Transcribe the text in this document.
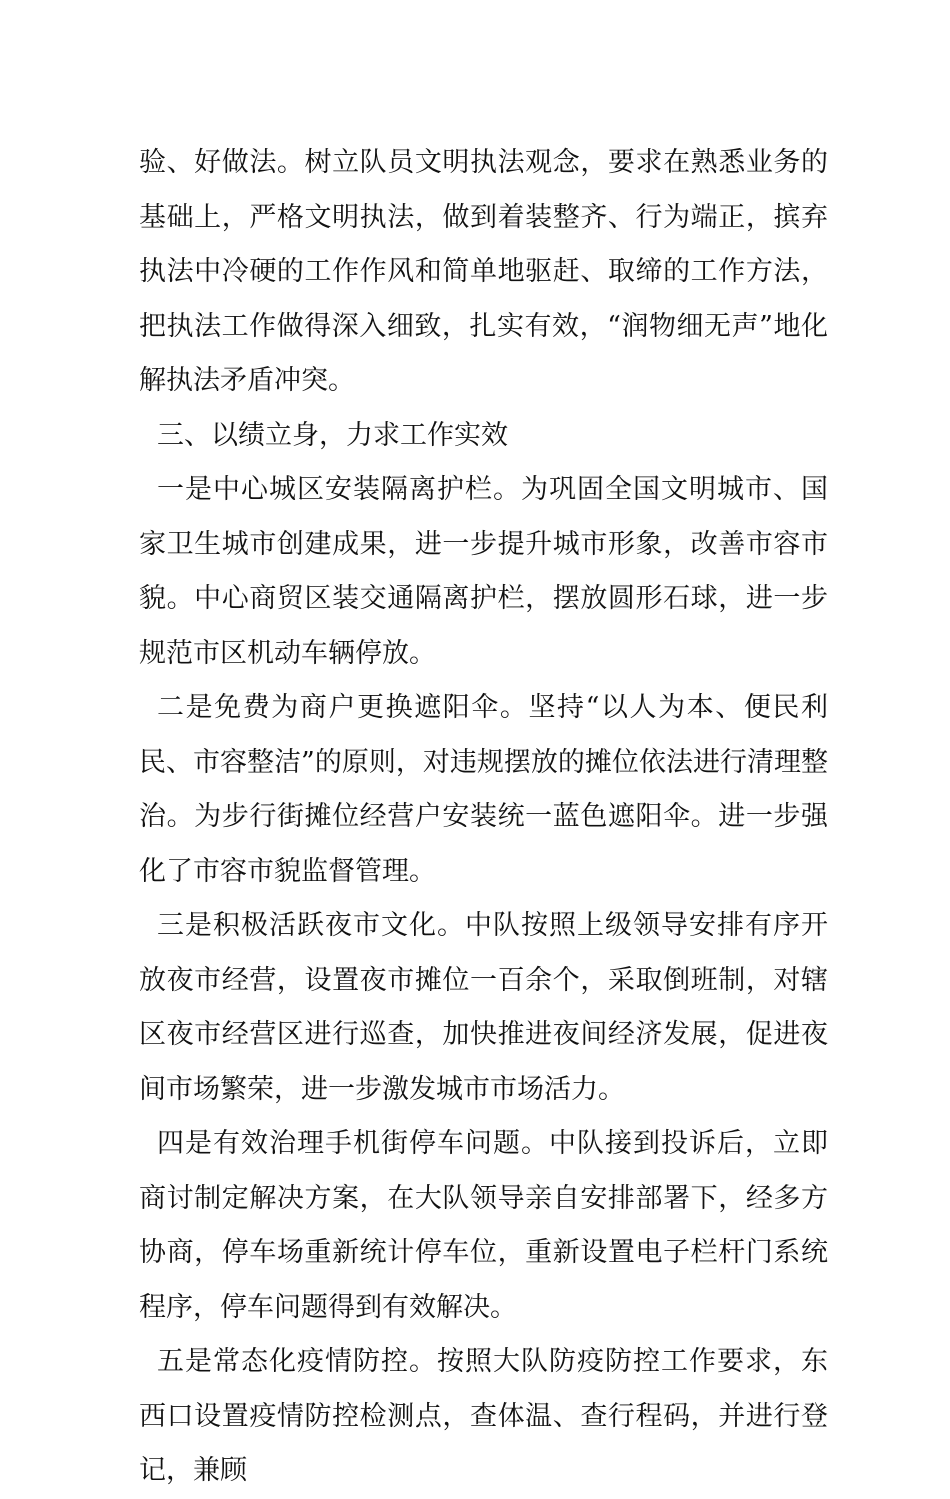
验、好做法。树立队员文明执法观念，要求在熟悉业务的基础上，严格文明执法，做到着装整齐、行为端正，摈弃执法中冷硬的工作作风和简单地驱赶、取缔的工作方法，把执法工作做得深入细致，扎实有效，“润物细无声”地化解执法矛盾冲突。

三、以绩立身，力求工作实效

一是中心城区安装隔离护栏。为巩固全国文明城市、国家卫生城市创建成果，进一步提升城市形象，改善市容市貌。中心商贸区装交通隔离护栏，摆放圆形石球，进一步规范市区机动车辆停放。

二是免费为商户更换遮阳伞。坚持“以人为本、便民利民、市容整洁”的原则，对违规摆放的摊位依法进行清理整治。为步行街摊位经营户安装统一蓝色遮阳伞。进一步强化了市容市貌监督管理。

三是积极活跃夜市文化。中队按照上级领导安排有序开放夜市经营，设置夜市摊位一百余个，采取倒班制，对辖区夜市经营区进行巡查，加快推进夜间经济发展，促进夜间市场繁荣，进一步激发城市市场活力。

四是有效治理手机街停车问题。中队接到投诉后，立即商讨制定解决方案，在大队领导亲自安排部署下，经多方协商，停车场重新统计停车位，重新设置电子栏杆门系统程序，停车问题得到有效解决。

五是常态化疫情防控。按照大队防疫防控工作要求，东西口设置疫情防控检测点，查体温、查行程码，并进行登记，兼顾
